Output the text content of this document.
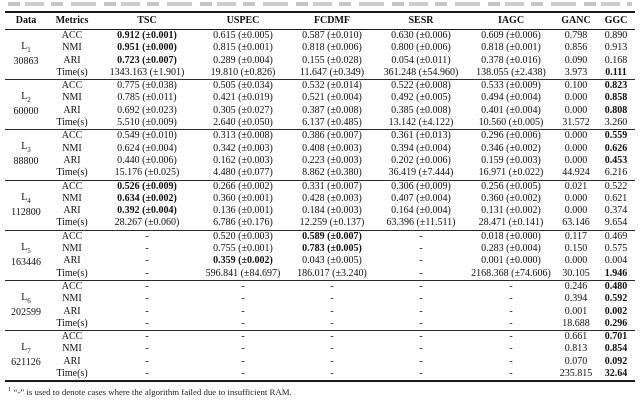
Data	Metrics	TSC	USPEC	FCDMF	SESR	IAGC	GANC	GGC

$L_1$
30863	ACC	0.912 (±0.001)	0.615 (±0.005)	0.587 (±0.010)	0.630 (±0.006)	0.609 (±0.006)	0.798	0.890
	NMI	0.951 (±0.000)	0.815 (±0.001)	0.818 (±0.006)	0.800 (±0.006)	0.818 (±0.001)	0.856	0.913
	ARI	0.723 (±0.007)	0.289 (±0.004)	0.155 (±0.028)	0.054 (±0.011)	0.378 (±0.016)	0.090	0.168
	Time(s)	1343.163 (±1.901)	19.810 (±0.826)	11.647 (±0.349)	361.248 (±54.960)	138.055 (±2.438)	3.973	0.111

$L_2$
60000	ACC	0.775 (±0.038)	0.505 (±0.034)	0.532 (±0.014)	0.522 (±0.008)	0.533 (±0.009)	0.100	0.823
	NMI	0.785 (±0.011)	0.421 (±0.019)	0.521 (±0.004)	0.492 (±0.005)	0.494 (±0.004)	0.000	0.858
	ARI	0.692 (±0.023)	0.305 (±0.027)	0.387 (±0.008)	0.385 (±0.008)	0.401 (±0.004)	0.000	0.808
	Time(s)	5.510 (±0.009)	2.640 (±0.050)	6.137 (±0.485)	13.142 (±4.122)	10.560 (±0.005)	31.572	3.260

$L_3$
88800	ACC	0.549 (±0.010)	0.313 (±0.008)	0.386 (±0.007)	0.361 (±0.013)	0.296 (±0.006)	0.000	0.559
	NMI	0.624 (±0.004)	0.342 (±0.003)	0.408 (±0.003)	0.394 (±0.004)	0.346 (±0.002)	0.000	0.626
	ARI	0.440 (±0.006)	0.162 (±0.003)	0.223 (±0.003)	0.202 (±0.006)	0.159 (±0.003)	0.000	0.453
	Time(s)	15.176 (±0.025)	4.480 (±0.077)	8.862 (±0.380)	36.419 (±7.444)	16.971 (±0.022)	44.924	6.216

$L_4$
112800	ACC	0.526 (±0.009)	0.266 (±0.002)	0.331 (±0.007)	0.306 (±0.009)	0.256 (±0.005)	0.021	0.522
	NMI	0.634 (±0.002)	0.360 (±0.001)	0.428 (±0.003)	0.407 (±0.004)	0.360 (±0.002)	0.000	0.621
	ARI	0.392 (±0.004)	0.136 (±0.001)	0.184 (±0.003)	0.164 (±0.004)	0.131 (±0.002)	0.000	0.374
	Time(s)	28.267 (±0.060)	6.786 (±0.176)	12.259 (±0.137)	63.396 (±11.511)	28.471 (±0.141)	63.146	9.654

$L_5$
163446	ACC	-	0.520 (±0.003)	0.589 (±0.007)	-	0.018 (±0.000)	0.117	0.469
	NMI	-	0.755 (±0.001)	0.783 (±0.005)	-	0.283 (±0.004)	0.150	0.575
	ARI	-	0.359 (±0.002)	0.043 (±0.005)	-	0.001 (±0.000)	0.000	0.004
	Time(s)	-	596.841 (±84.697)	186.017 (±3.240)	-	2168.368 (±74.606)	30.105	1.946

$L_6$
202599	ACC	-	-	-	-	-	0.246	0.480
	NMI	-	-	-	-	-	0.394	0.592
	ARI	-	-	-	-	-	0.001	0.002
	Time(s)	-	-	-	-	-	18.688	0.296

$L_7$
621126	ACC	-	-	-	-	-	0.661	0.701
	NMI	-	-	-	-	-	0.813	0.854
	ARI	-	-	-	-	-	0.070	0.092
	Time(s)	-	-	-	-	-	235.815	32.64
$^1$ “-” is used to denote cases where the algorithm failed due to insufficient RAM.
